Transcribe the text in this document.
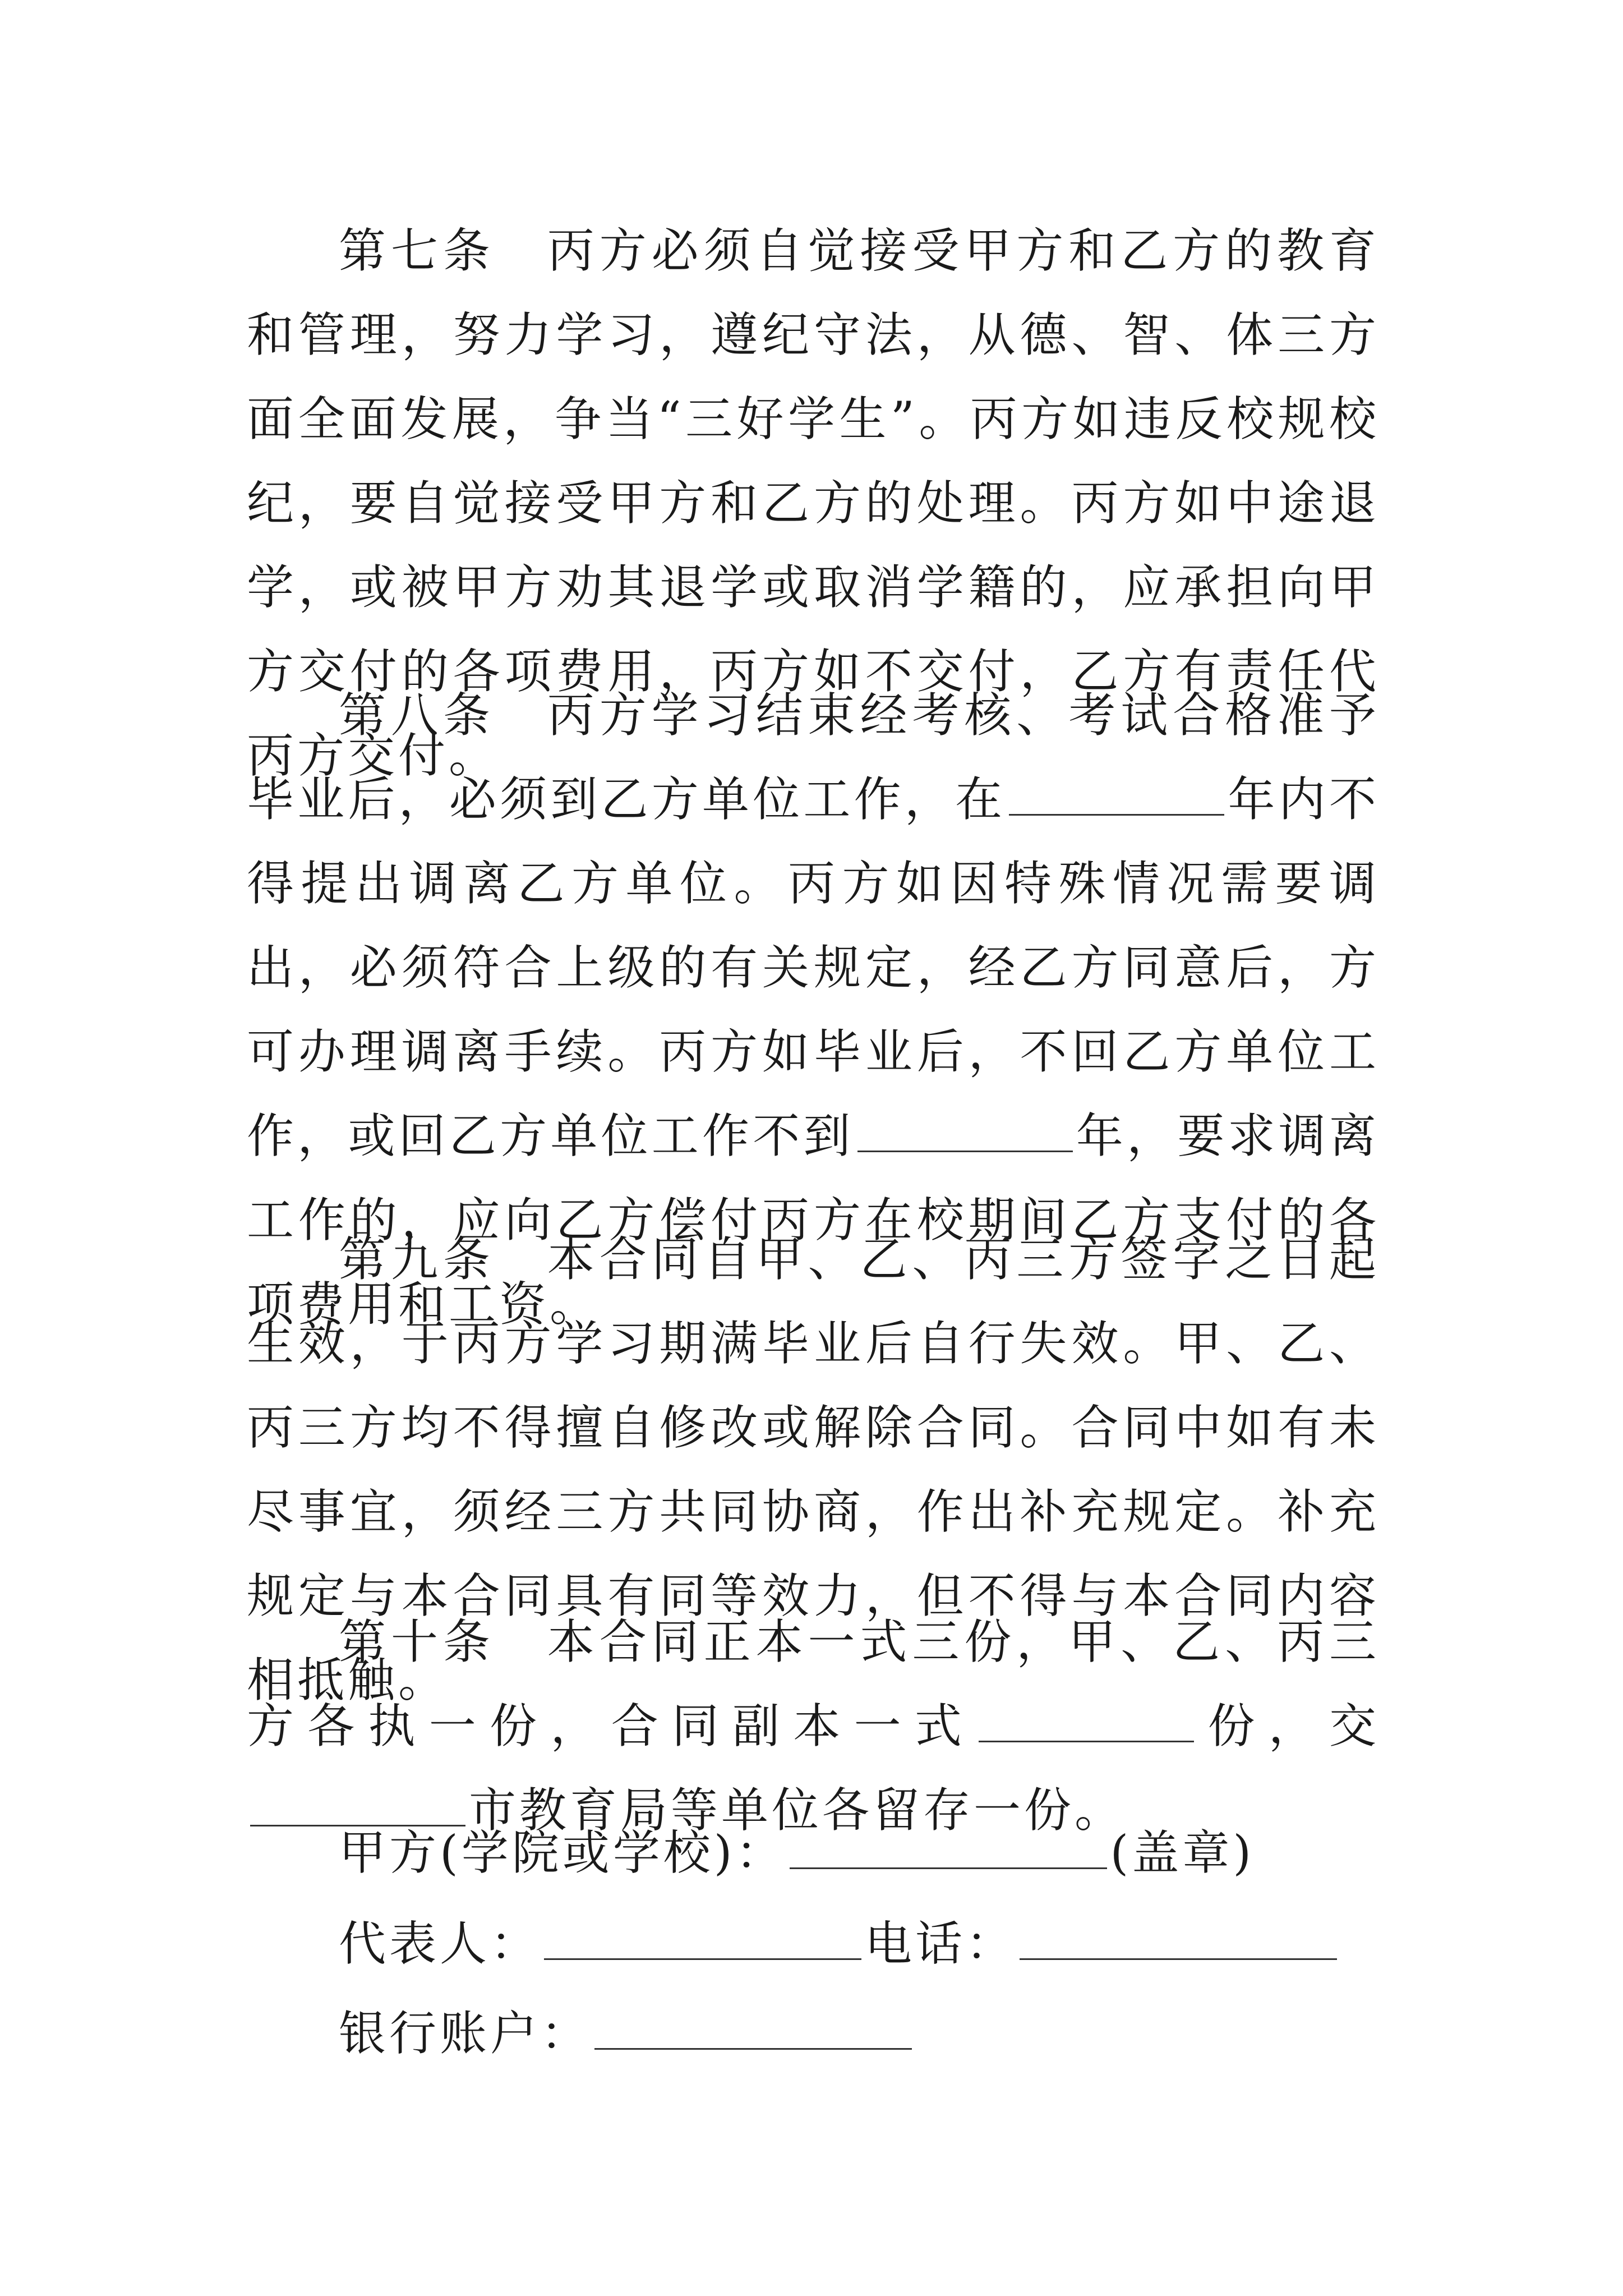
第七条　丙方必须自觉接受甲方和乙方的教育和管理，努力学习，遵纪守法，从德、智、体三方面全面发展，争当“三好学生”。丙方如违反校规校纪，要自觉接受甲方和乙方的处理。丙方如中途退学，或被甲方劝其退学或取消学籍的，应承担向甲方交付的各项费用，丙方如不交付，乙方有责任代丙方交付。

第八条　丙方学习结束经考核、考试合格准予毕业后，必须到乙方单位工作，在	年内不得提出调离乙方单位。丙方如因特殊情况需要调出，必须符合上级的有关规定，经乙方同意后，方可办理调离手续。丙方如毕业后，不回乙方单位工作，或回乙方单位工作不到	年，要求调离工作的，应向乙方偿付丙方在校期间乙方支付的各项费用和工资。

第九条　本合同自甲、乙、丙三方签字之日起生效，于丙方学习期满毕业后自行失效。甲、乙、丙三方均不得擅自修改或解除合同。合同中如有未尽事宜，须经三方共同协商，作出补充规定。补充规定与本合同具有同等效力，但不得与本合同内容相抵触。

第十条　本合同正本一式三份，甲、乙、丙三方各执一份，合同副本一式	份，交市教育局等单位各留存一份。

甲方(学院或学校)：	(盖章)

代表人：	电话：

银行账户：
